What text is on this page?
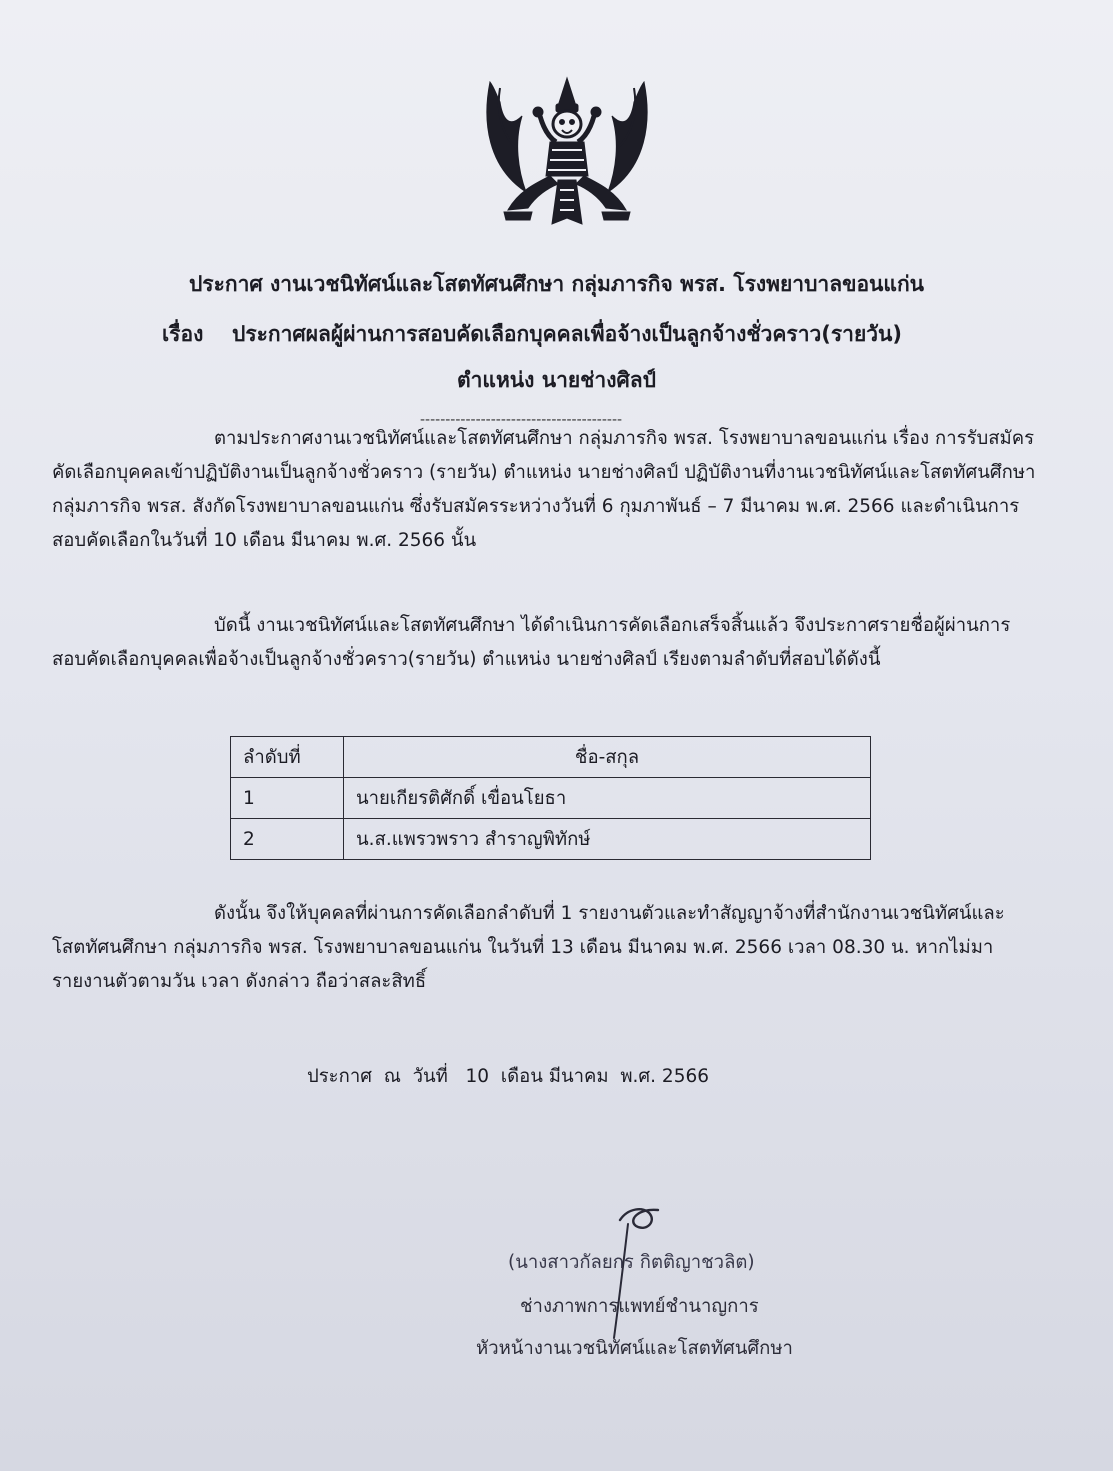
ประกาศ งานเวชนิทัศน์และโสตทัศนศึกษา กลุ่มภารกิจ พรส. โรงพยาบาลขอนแก่น
เรื่อง ประกาศผลผู้ผ่านการสอบคัดเลือกบุคคลเพื่อจ้างเป็นลูกจ้างชั่วคราว(รายวัน)
ตำแหน่ง นายช่างศิลป์
----------------------------------------
ตามประกาศงานเวชนิทัศน์และโสตทัศนศึกษา กลุ่มภารกิจ พรส. โรงพยาบาลขอนแก่น เรื่อง การรับสมัคร
คัดเลือกบุคคลเข้าปฏิบัติงานเป็นลูกจ้างชั่วคราว (รายวัน) ตำแหน่ง นายช่างศิลป์ ปฏิบัติงานที่งานเวชนิทัศน์และโสตทัศนศึกษา
กลุ่มภารกิจ พรส. สังกัดโรงพยาบาลขอนแก่น ซึ่งรับสมัครระหว่างวันที่ 6 กุมภาพันธ์ – 7 มีนาคม พ.ศ. 2566 และดำเนินการ
สอบคัดเลือกในวันที่ 10 เดือน มีนาคม พ.ศ. 2566 นั้น
บัดนี้ งานเวชนิทัศน์และโสตทัศนศึกษา ได้ดำเนินการคัดเลือกเสร็จสิ้นแล้ว จึงประกาศรายชื่อผู้ผ่านการ
สอบคัดเลือกบุคคลเพื่อจ้างเป็นลูกจ้างชั่วคราว(รายวัน) ตำแหน่ง นายช่างศิลป์ เรียงตามลำดับที่สอบได้ดังนี้
ลำดับที่	ชื่อ-สกุล
1	นายเกียรติศักดิ์ เขื่อนโยธา
2	น.ส.แพรวพราว สำราญพิทักษ์
ดังนั้น จึงให้บุคคลที่ผ่านการคัดเลือกลำดับที่ 1 รายงานตัวและทำสัญญาจ้างที่สำนักงานเวชนิทัศน์และ
โสตทัศนศึกษา กลุ่มภารกิจ พรส. โรงพยาบาลขอนแก่น ในวันที่ 13 เดือน มีนาคม พ.ศ. 2566 เวลา 08.30 น. หากไม่มา
รายงานตัวตามวัน เวลา ดังกล่าว ถือว่าสละสิทธิ์
ประกาศ  ณ  วันที่   10  เดือน มีนาคม  พ.ศ. 2566
(นางสาวกัลยกร กิตติญาชวลิต)
ช่างภาพการแพทย์ชำนาญการ
หัวหน้างานเวชนิทัศน์และโสตทัศนศึกษา
